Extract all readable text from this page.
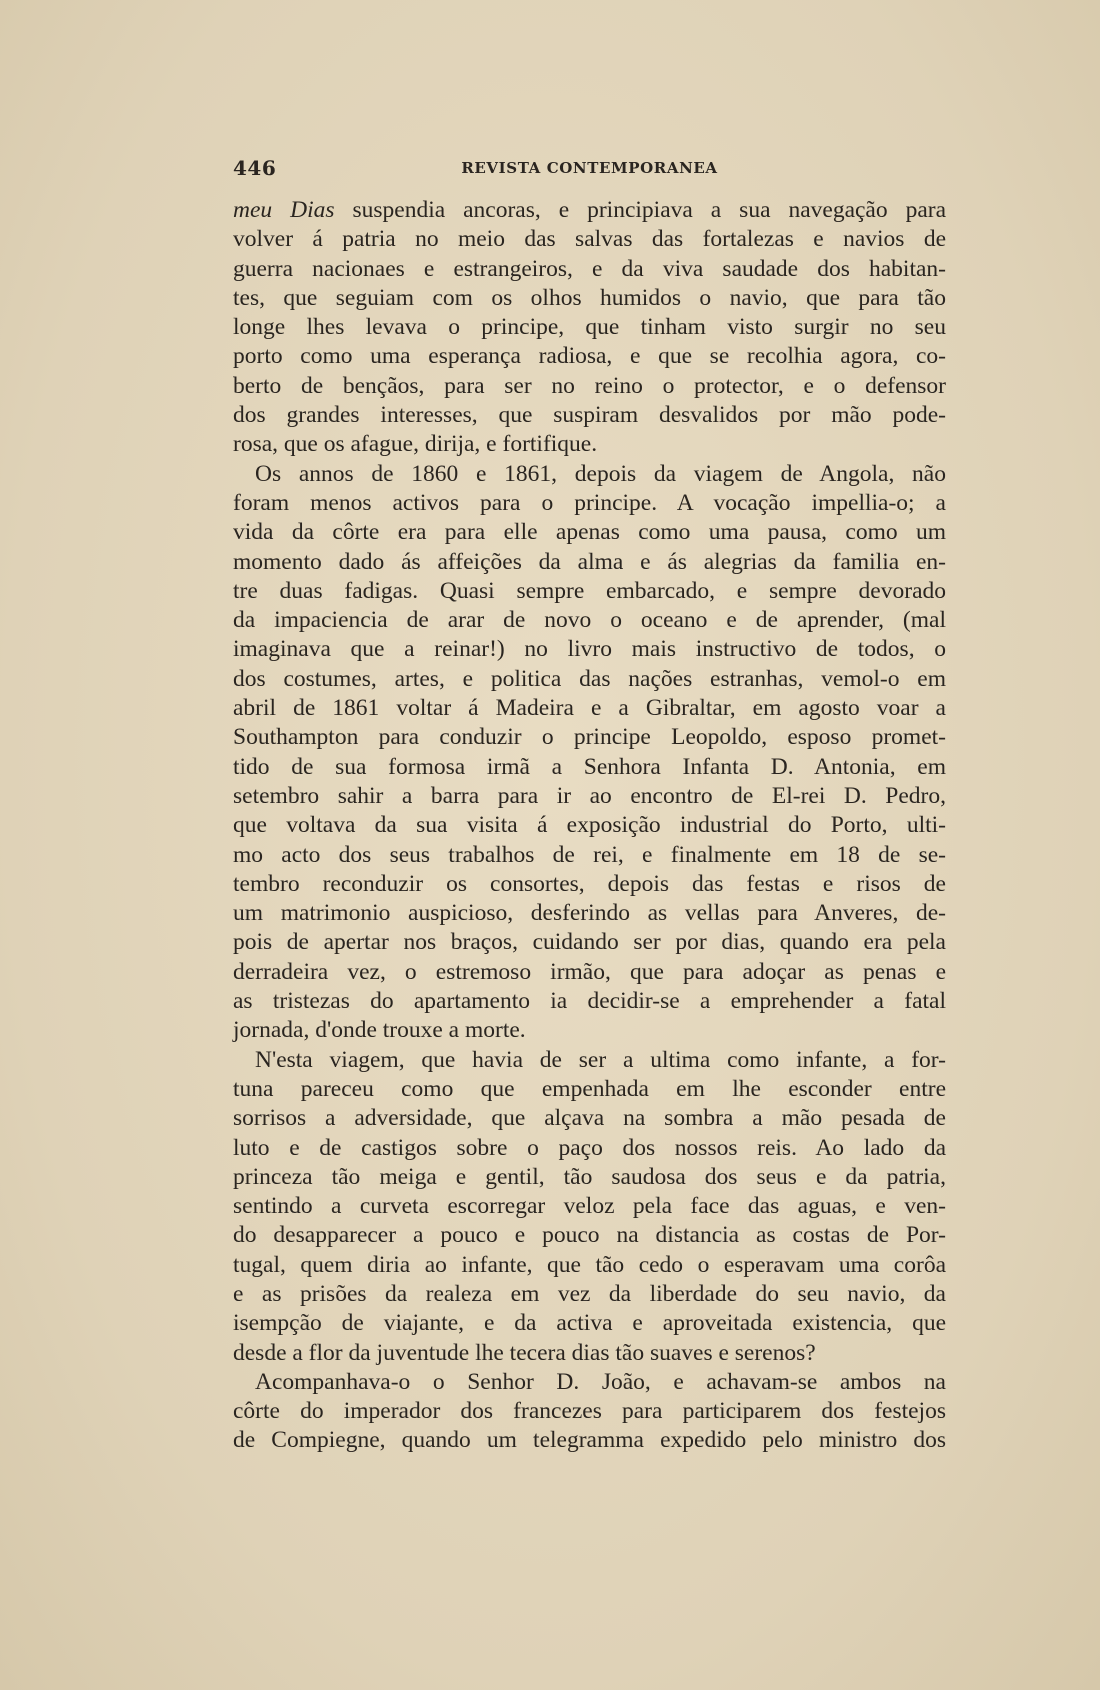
446	REVISTA CONTEMPORANEA
meu Dias suspendia ancoras, e principiava a sua navegação para
volver á patria no meio das salvas das fortalezas e navios de
guerra nacionaes e estrangeiros, e da viva saudade dos habitan-
tes, que seguiam com os olhos humidos o navio, que para tão
longe lhes levava o principe, que tinham visto surgir no seu
porto como uma esperança radiosa, e que se recolhia agora, co-
berto de bençãos, para ser no reino o protector, e o defensor
dos grandes interesses, que suspiram desvalidos por mão pode-
rosa, que os afague, dirija, e fortifique.
Os annos de 1860 e 1861, depois da viagem de Angola, não
foram menos activos para o principe. A vocação impellia-o; a
vida da côrte era para elle apenas como uma pausa, como um
momento dado ás affeições da alma e ás alegrias da familia en-
tre duas fadigas. Quasi sempre embarcado, e sempre devorado
da impaciencia de arar de novo o oceano e de aprender, (mal
imaginava que a reinar!) no livro mais instructivo de todos, o
dos costumes, artes, e politica das nações estranhas, vemol-o em
abril de 1861 voltar á Madeira e a Gibraltar, em agosto voar a
Southampton para conduzir o principe Leopoldo, esposo promet-
tido de sua formosa irmã a Senhora Infanta D. Antonia, em
setembro sahir a barra para ir ao encontro de El-rei D. Pedro,
que voltava da sua visita á exposição industrial do Porto, ulti-
mo acto dos seus trabalhos de rei, e finalmente em 18 de se-
tembro reconduzir os consortes, depois das festas e risos de
um matrimonio auspicioso, desferindo as vellas para Anveres, de-
pois de apertar nos braços, cuidando ser por dias, quando era pela
derradeira vez, o estremoso irmão, que para adoçar as penas e
as tristezas do apartamento ia decidir-se a emprehender a fatal
jornada, d'onde trouxe a morte.
N'esta viagem, que havia de ser a ultima como infante, a for-
tuna pareceu como que empenhada em lhe esconder entre
sorrisos a adversidade, que alçava na sombra a mão pesada de
luto e de castigos sobre o paço dos nossos reis. Ao lado da
princeza tão meiga e gentil, tão saudosa dos seus e da patria,
sentindo a curveta escorregar veloz pela face das aguas, e ven-
do desapparecer a pouco e pouco na distancia as costas de Por-
tugal, quem diria ao infante, que tão cedo o esperavam uma corôa
e as prisões da realeza em vez da liberdade do seu navio, da
isempção de viajante, e da activa e aproveitada existencia, que
desde a flor da juventude lhe tecera dias tão suaves e serenos?
Acompanhava-o o Senhor D. João, e achavam-se ambos na
côrte do imperador dos francezes para participarem dos festejos
de Compiegne, quando um telegramma expedido pelo ministro dos
